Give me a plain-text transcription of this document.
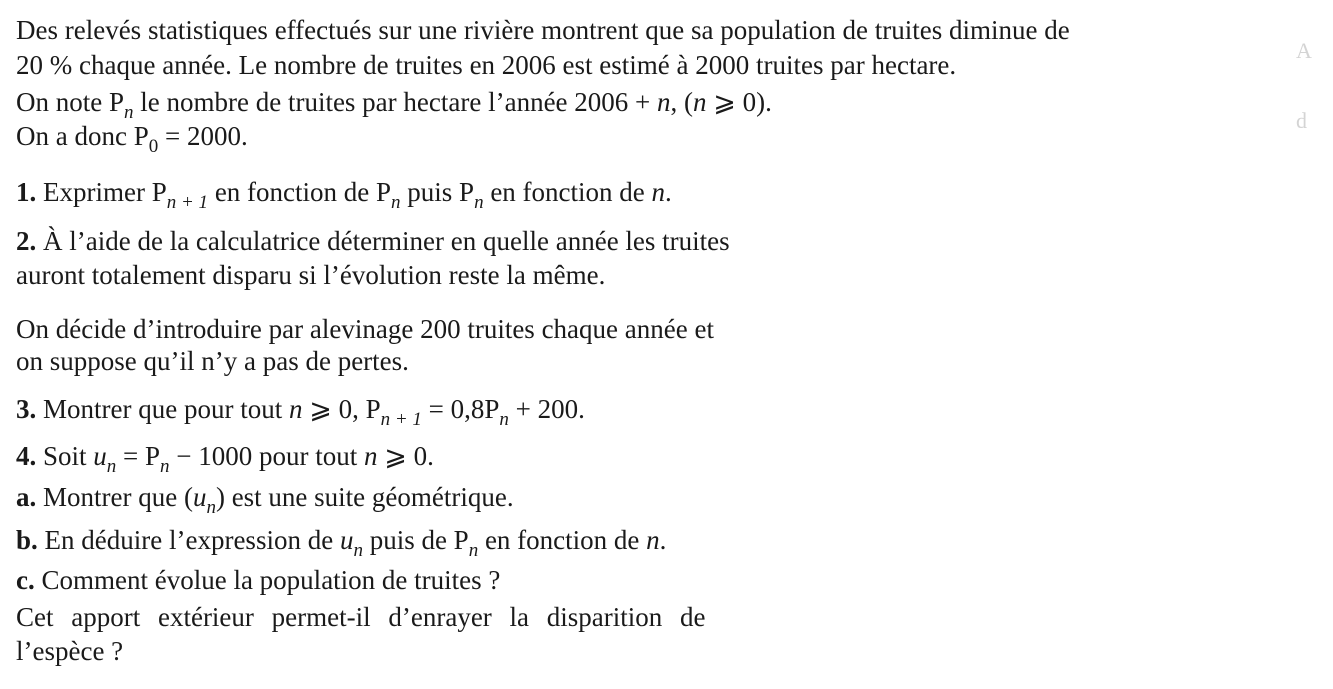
A
d
Des relevés statistiques effectués sur une rivière montrent que sa population de truites diminue de
20 % chaque année. Le nombre de truites en 2006 est estimé à 2000 truites par hectare.
On note $P_n$ le nombre de truites par hectare l’année 2006 + n, (n ⩾ 0).
On a donc $P_0 = 2000$.
1. Exprimer $P_{n + 1}$ en fonction de $P_n$ puis $P_n$ en fonction de n.
2. À l’aide de la calculatrice déterminer en quelle année les truites
auront totalement disparu si l’évolution reste la même.
On décide d’introduire par alevinage 200 truites chaque année et
on suppose qu’il n’y a pas de pertes.
3. Montrer que pour tout n ⩾ 0, $P_{n + 1} = 0,8P_n + 200$.
4. Soit $u_n = P_n - 1000$ pour tout n ⩾ 0.
a. Montrer que $(u_n)$ est une suite géométrique.
b. En déduire l’expression de $u_n$ puis de $P_n$ en fonction de n.
c. Comment évolue la population de truites ?
Cet apport extérieur permet-il d’enrayer la disparition de
l’espèce ?
